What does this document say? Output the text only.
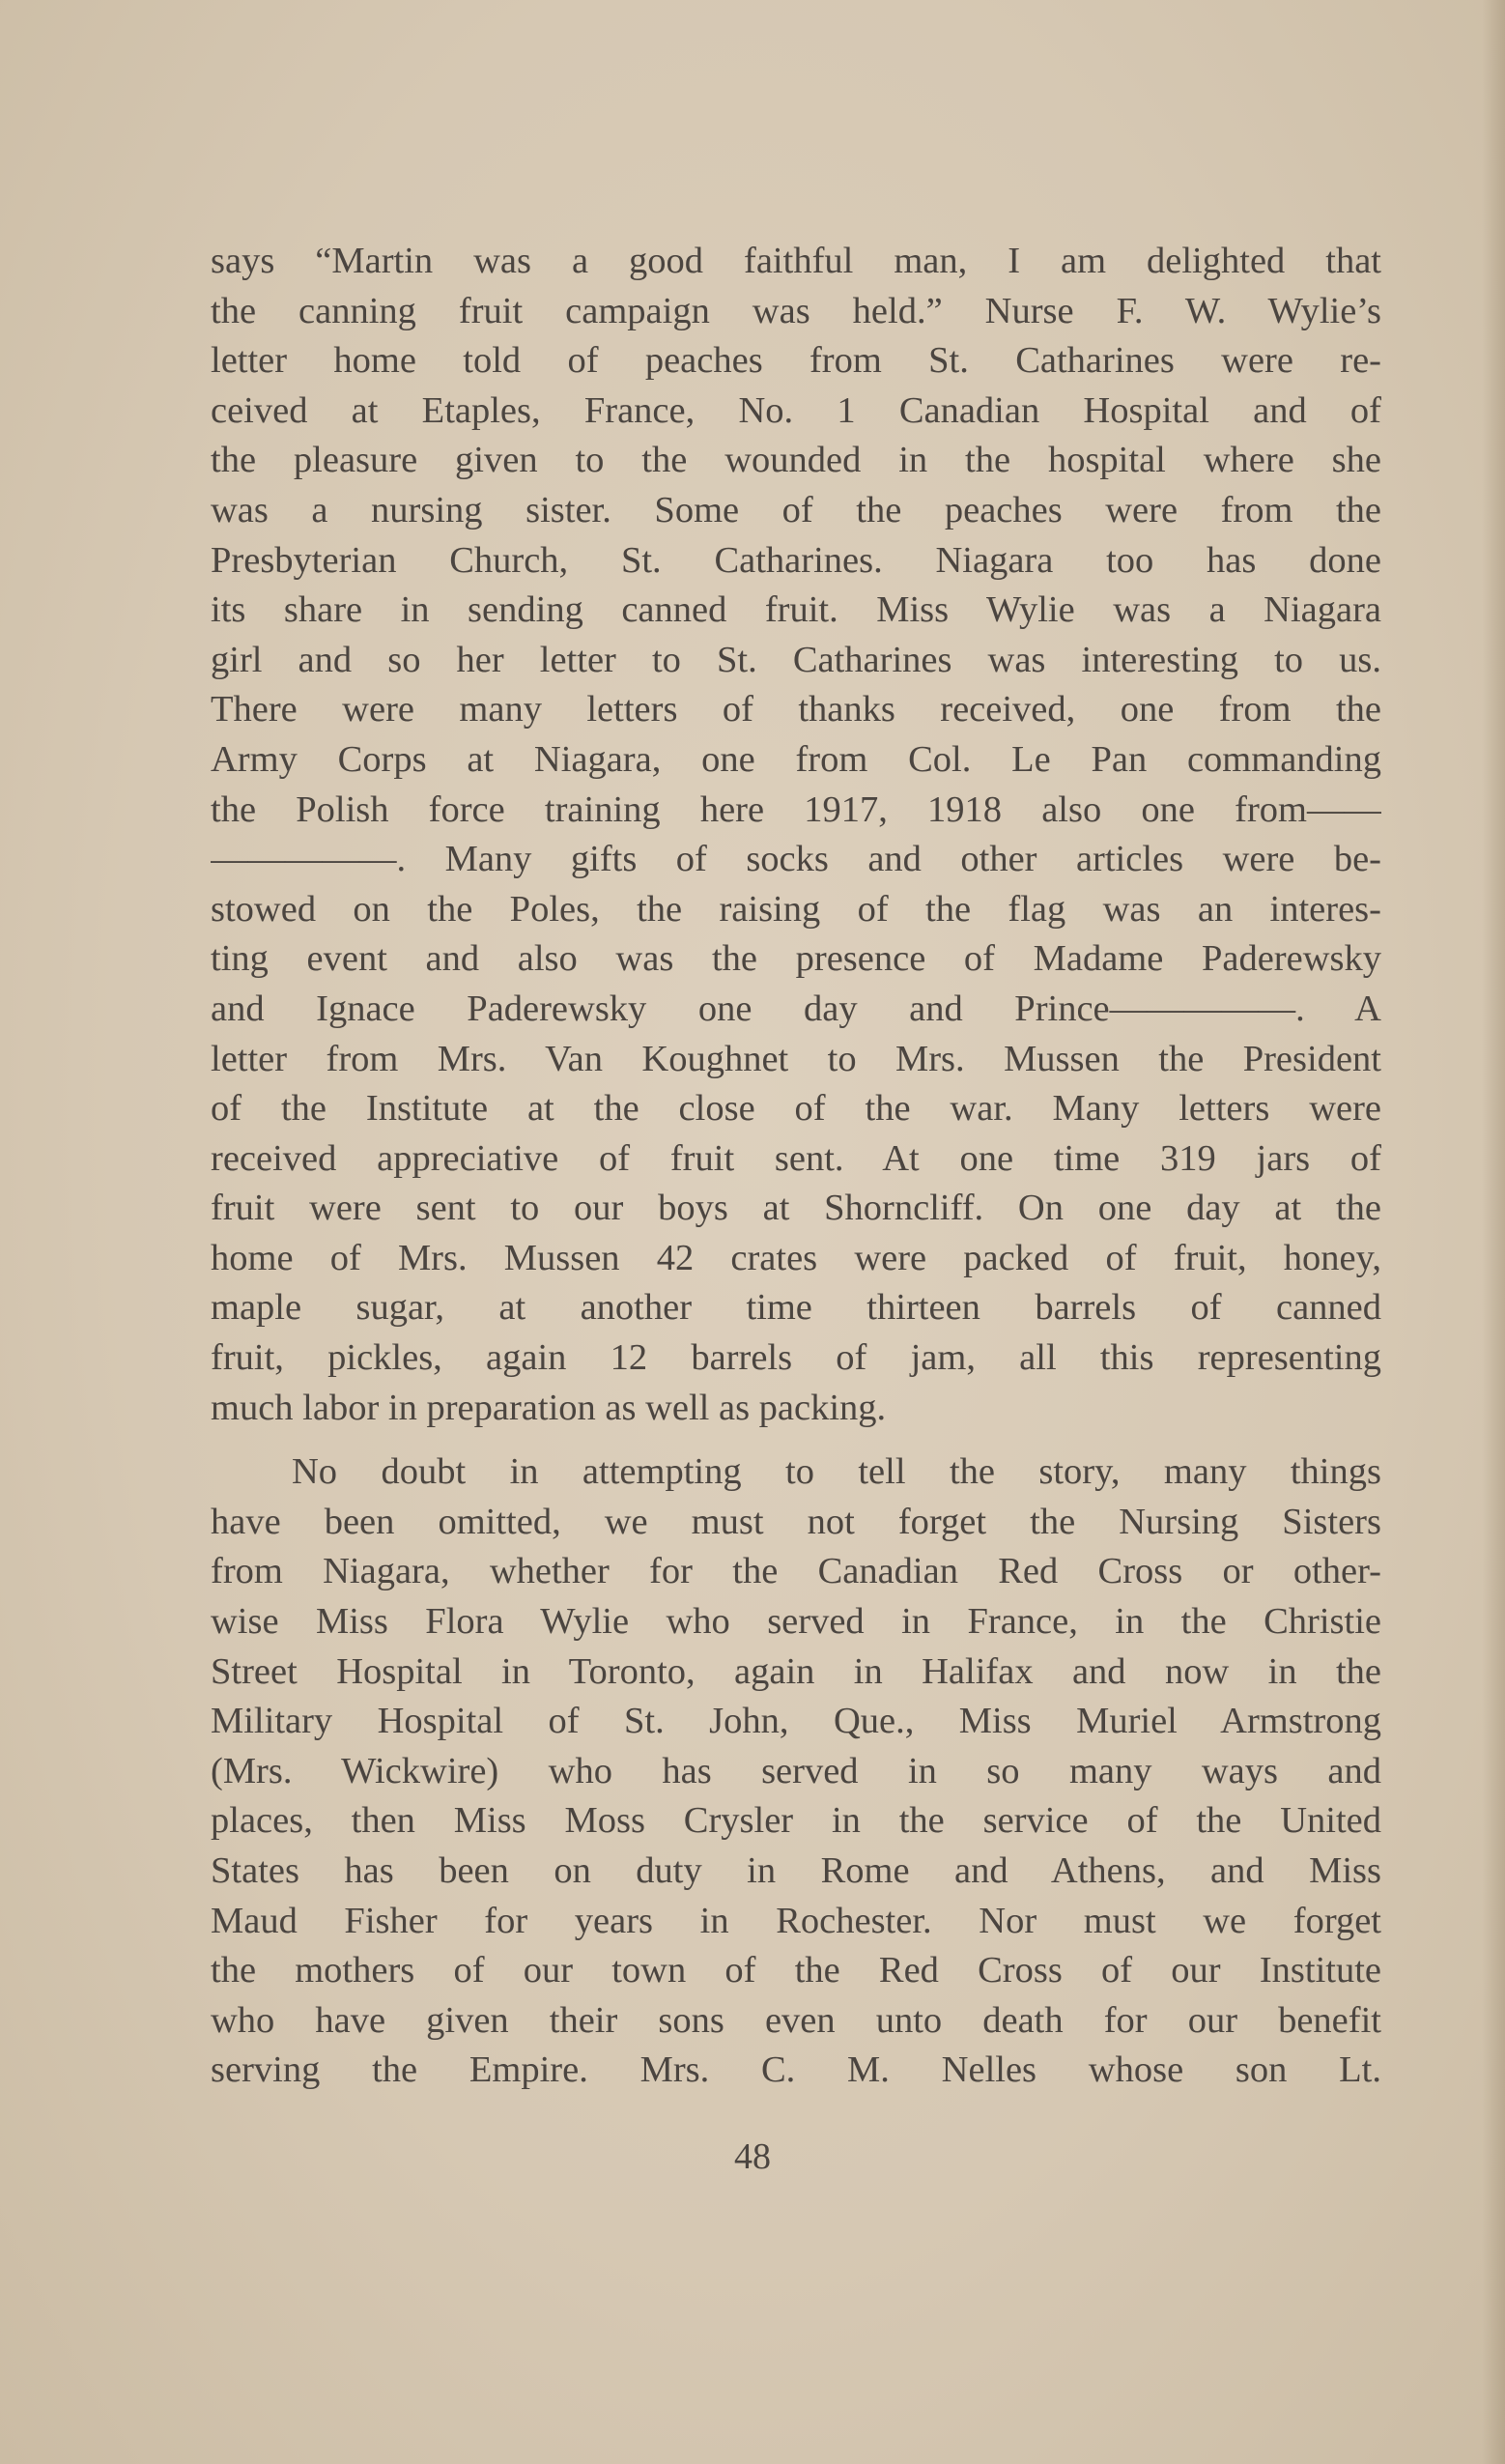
says “Martin was a good faithful man, I am delighted that
the canning fruit campaign was held.” Nurse F. W. Wylie’s
letter home told of peaches from St. Catharines were re-
ceived at Etaples, France, No. 1 Canadian Hospital and of
the pleasure given to the wounded in the hospital where she
was a nursing sister. Some of the peaches were from the
Presbyterian Church, St. Catharines. Niagara too has done
its share in sending canned fruit. Miss Wylie was a Niagara
girl and so her letter to St. Catharines was interesting to us.
There were many letters of thanks received, one from the
Army Corps at Niagara, one from Col. Le Pan commanding
the Polish force training here 1917, 1918 also one from——
—————. Many gifts of socks and other articles were be-
stowed on the Poles, the raising of the flag was an interes-
ting event and also was the presence of Madame Paderewsky
and Ignace Paderewsky one day and Prince—————. A
letter from Mrs. Van Koughnet to Mrs. Mussen the President
of the Institute at the close of the war. Many letters were
received appreciative of fruit sent. At one time 319 jars of
fruit were sent to our boys at Shorncliff. On one day at the
home of Mrs. Mussen 42 crates were packed of fruit, honey,
maple sugar, at another time thirteen barrels of canned
fruit, pickles, again 12 barrels of jam, all this representing
much labor in preparation as well as packing.
No doubt in attempting to tell the story, many things
have been omitted, we must not forget the Nursing Sisters
from Niagara, whether for the Canadian Red Cross or other-
wise Miss Flora Wylie who served in France, in the Christie
Street Hospital in Toronto, again in Halifax and now in the
Military Hospital of St. John, Que., Miss Muriel Armstrong
(Mrs. Wickwire) who has served in so many ways and
places, then Miss Moss Crysler in the service of the United
States has been on duty in Rome and Athens, and Miss
Maud Fisher for years in Rochester. Nor must we forget
the mothers of our town of the Red Cross of our Institute
who have given their sons even unto death for our benefit
serving the Empire. Mrs. C. M. Nelles whose son Lt.
48
